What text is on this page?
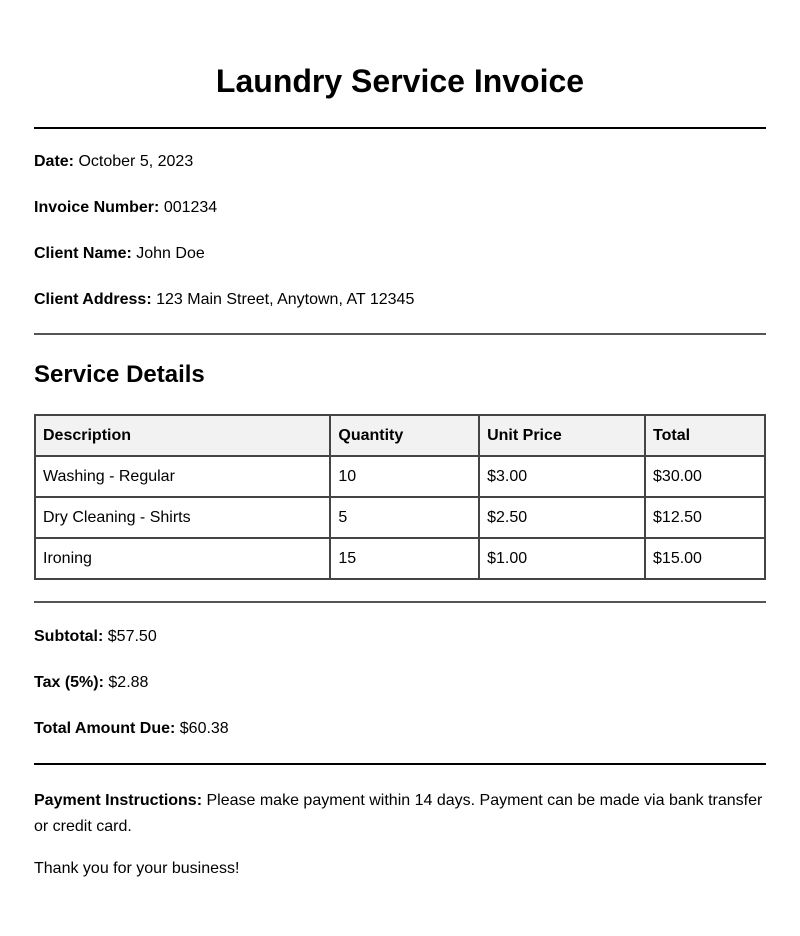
Laundry Service Invoice
Date: October 5, 2023
Invoice Number: 001234
Client Name: John Doe
Client Address: 123 Main Street, Anytown, AT 12345
Service Details
Description	Quantity	Unit Price	Total
Washing - Regular	10	$3.00	$30.00
Dry Cleaning - Shirts	5	$2.50	$12.50
Ironing	15	$1.00	$15.00
Subtotal: $57.50
Tax (5%): $2.88
Total Amount Due: $60.38
Payment Instructions: Please make payment within 14 days. Payment can be made via bank transfer or credit card.
Thank you for your business!
